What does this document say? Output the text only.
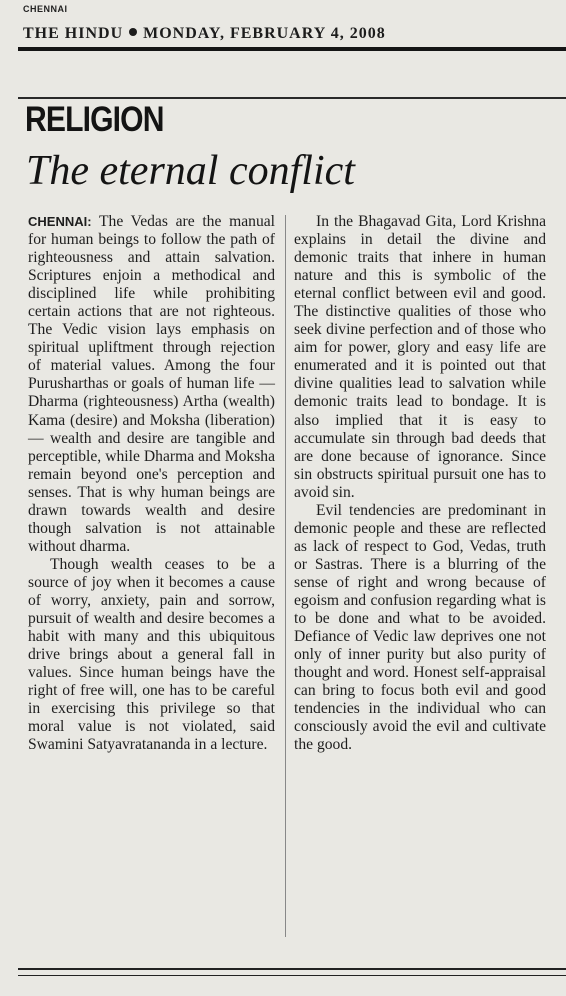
CHENNAI
THE HINDU MONDAY, FEBRUARY 4, 2008
RELIGION
The eternal conflict

CHENNAI: The Vedas are the manual for human beings to follow the path of righteousness and attain salvation. Scriptures enjoin a methodical and disciplined life while prohibiting certain actions that are not righteous. The Vedic vision lays emphasis on spiritual upliftment through rejection of material values. Among the four Purusharthas or goals of human life — Dharma (righteousness) Artha (wealth) Kama (desire) and Moksha (liberation) — wealth and desire are tangible and perceptible, while Dharma and Moksha remain beyond one's perception and senses. That is why human beings are drawn towards wealth and desire though salvation is not attainable without dharma.

Though wealth ceases to be a source of joy when it becomes a cause of worry, anxiety, pain and sorrow, pursuit of wealth and desire becomes a habit with many and this ubiquitous drive brings about a general fall in values. Since human beings have the right of free will, one has to be careful in exercising this privilege so that moral value is not violated, said Swamini Satyavratananda in a lecture.

In the Bhagavad Gita, Lord Krishna explains in detail the divine and demonic traits that inhere in human nature and this is symbolic of the eternal conflict between evil and good. The distinctive qualities of those who seek divine perfection and of those who aim for power, glory and easy life are enumerated and it is pointed out that divine qualities lead to salvation while demonic traits lead to bondage. It is also implied that it is easy to accumulate sin through bad deeds that are done because of ignorance. Since sin obstructs spiritual pursuit one has to avoid sin.

Evil tendencies are predominant in demonic people and these are reflected as lack of respect to God, Vedas, truth or Sastras. There is a blurring of the sense of right and wrong because of egoism and confusion regarding what is to be done and what to be avoided. Defiance of Vedic law deprives one not only of inner purity but also purity of thought and word. Honest self-appraisal can bring to focus both evil and good tendencies in the individual who can consciously avoid the evil and cultivate the good.
